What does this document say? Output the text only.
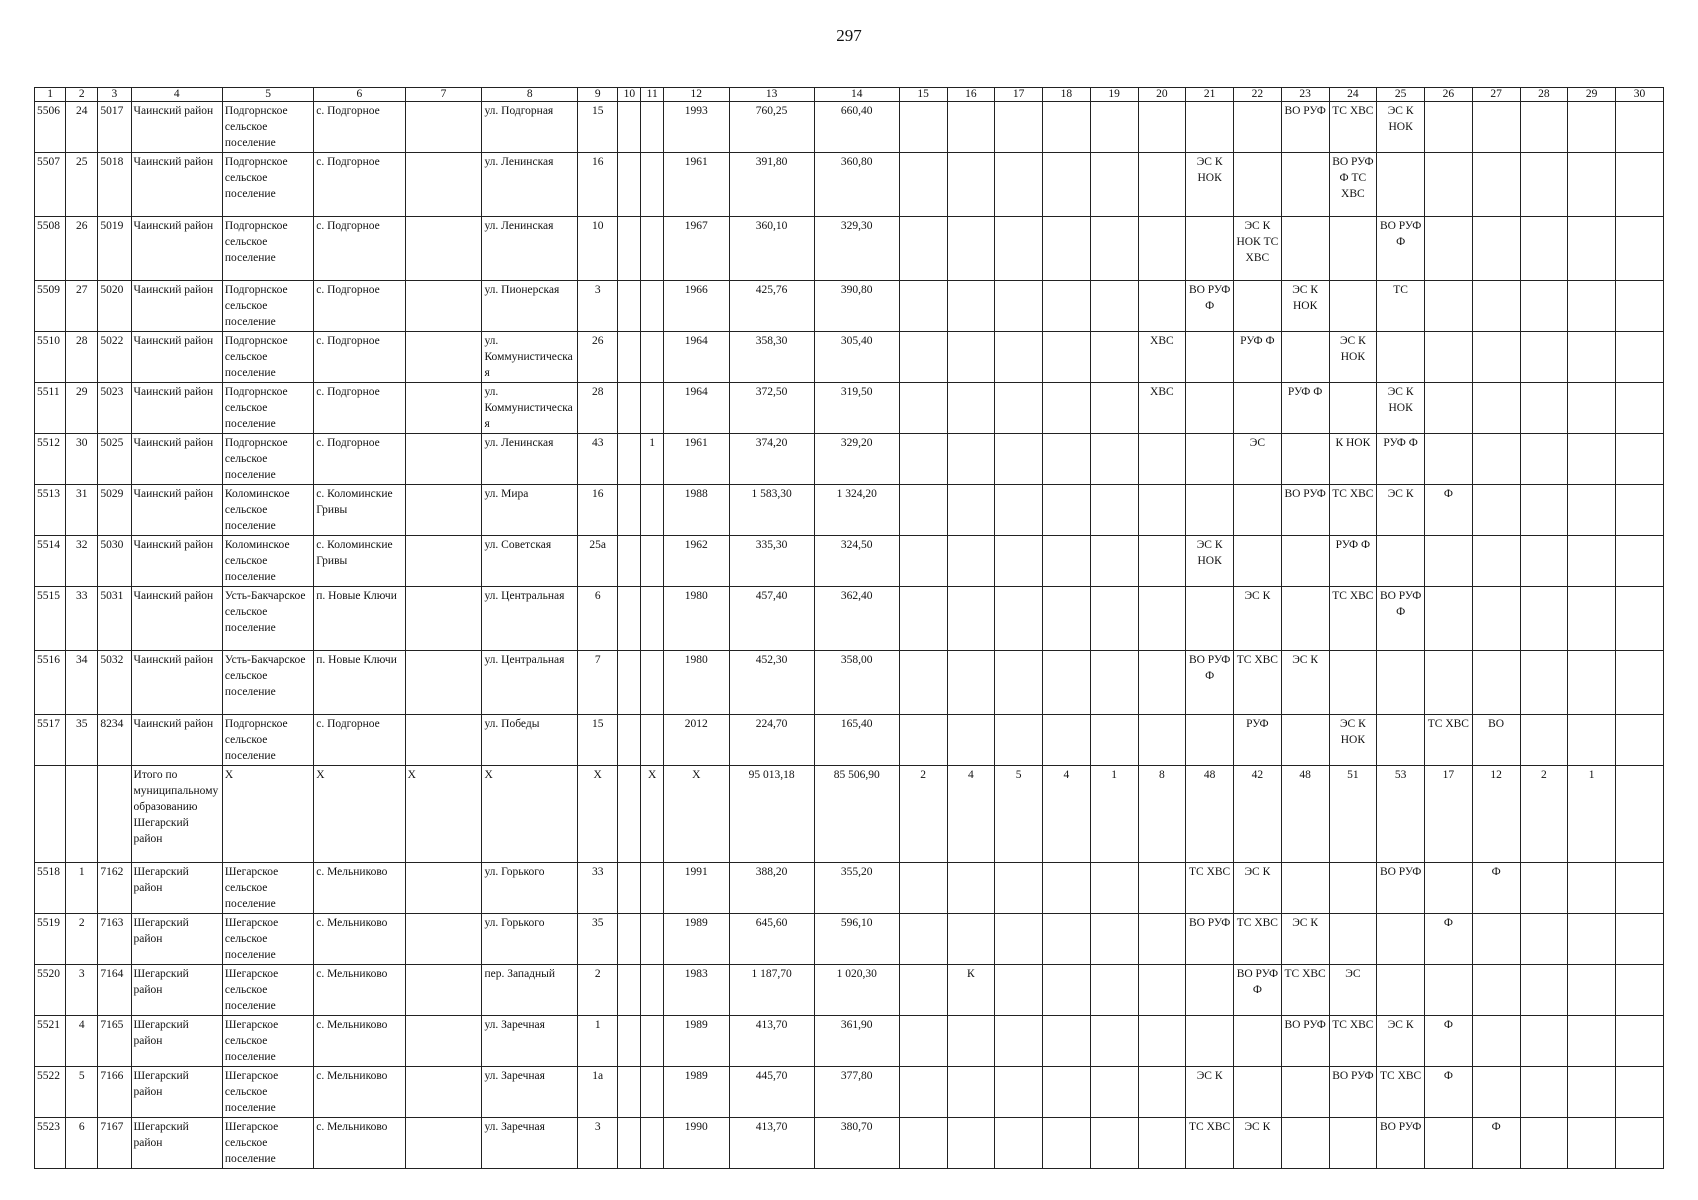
297
1	2	3	4	5	6	7	8	9	10	11	12	13	14	15	16	17	18	19	20	21	22	23	24	25	26	27	28	29	30
5506	24	5017	Чаинский район	Подгорнское сельское поселение	с. Подгорное		ул. Подгорная	15			1993	760,25	660,40									ВО РУФ	ТС ХВС	ЭС К НОК					
5507	25	5018	Чаинский район	Подгорнское сельское поселение	с. Подгорное		ул. Ленинская	16			1961	391,80	360,80							ЭС К НОК			ВО РУФ Ф ТС ХВС						
5508	26	5019	Чаинский район	Подгорнское сельское поселение	с. Подгорное		ул. Ленинская	10			1967	360,10	329,30								ЭС К НОК ТС ХВС			ВО РУФ Ф					
5509	27	5020	Чаинский район	Подгорнское сельское поселение	с. Подгорное		ул. Пионерская	3			1966	425,76	390,80							ВО РУФ Ф		ЭС К НОК		ТС					
5510	28	5022	Чаинский район	Подгорнское сельское поселение	с. Подгорное		ул. Коммунистическая	26			1964	358,30	305,40						ХВС		РУФ Ф		ЭС К НОК						
5511	29	5023	Чаинский район	Подгорнское сельское поселение	с. Подгорное		ул. Коммунистическая	28			1964	372,50	319,50						ХВС			РУФ Ф		ЭС К НОК					
5512	30	5025	Чаинский район	Подгорнское сельское поселение	с. Подгорное		ул. Ленинская	43		1	1961	374,20	329,20								ЭС		К НОК	РУФ Ф					
5513	31	5029	Чаинский район	Коломинское сельское поселение	с. Коломинские Гривы		ул. Мира	16			1988	1 583,30	1 324,20									ВО РУФ	ТС ХВС	ЭС К	Ф				
5514	32	5030	Чаинский район	Коломинское сельское поселение	с. Коломинские Гривы		ул. Советская	25а			1962	335,30	324,50							ЭС К НОК			РУФ Ф						
5515	33	5031	Чаинский район	Усть-Бакчарское сельское поселение	п. Новые Ключи		ул. Центральная	6			1980	457,40	362,40								ЭС К		ТС ХВС	ВО РУФ Ф					
5516	34	5032	Чаинский район	Усть-Бакчарское сельское поселение	п. Новые Ключи		ул. Центральная	7			1980	452,30	358,00							ВО РУФ Ф	ТС ХВС	ЭС К							
5517	35	8234	Чаинский район	Подгорнское сельское поселение	с. Подгорное		ул. Победы	15			2012	224,70	165,40								РУФ		ЭС К НОК		ТС ХВС	ВО			
			Итого по муниципальному образованию Шегарский район	Х	Х	Х	Х	Х		Х	Х	95 013,18	85 506,90	2	4	5	4	1	8	48	42	48	51	53	17	12	2	1	
5518	1	7162	Шегарский район	Шегарское сельское поселение	с. Мельниково		ул. Горького	33			1991	388,20	355,20							ТС ХВС	ЭС К			ВО РУФ		Ф			
5519	2	7163	Шегарский район	Шегарское сельское поселение	с. Мельниково		ул. Горького	35			1989	645,60	596,10							ВО РУФ	ТС ХВС	ЭС К			Ф				
5520	3	7164	Шегарский район	Шегарское сельское поселение	с. Мельниково		пер. Западный	2			1983	1 187,70	1 020,30		К						ВО РУФ Ф	ТС ХВС	ЭС						
5521	4	7165	Шегарский район	Шегарское сельское поселение	с. Мельниково		ул. Заречная	1			1989	413,70	361,90									ВО РУФ	ТС ХВС	ЭС К	Ф				
5522	5	7166	Шегарский район	Шегарское сельское поселение	с. Мельниково		ул. Заречная	1а			1989	445,70	377,80							ЭС К			ВО РУФ	ТС ХВС	Ф				
5523	6	7167	Шегарский район	Шегарское сельское поселение	с. Мельниково		ул. Заречная	3			1990	413,70	380,70							ТС ХВС	ЭС К			ВО РУФ		Ф			
